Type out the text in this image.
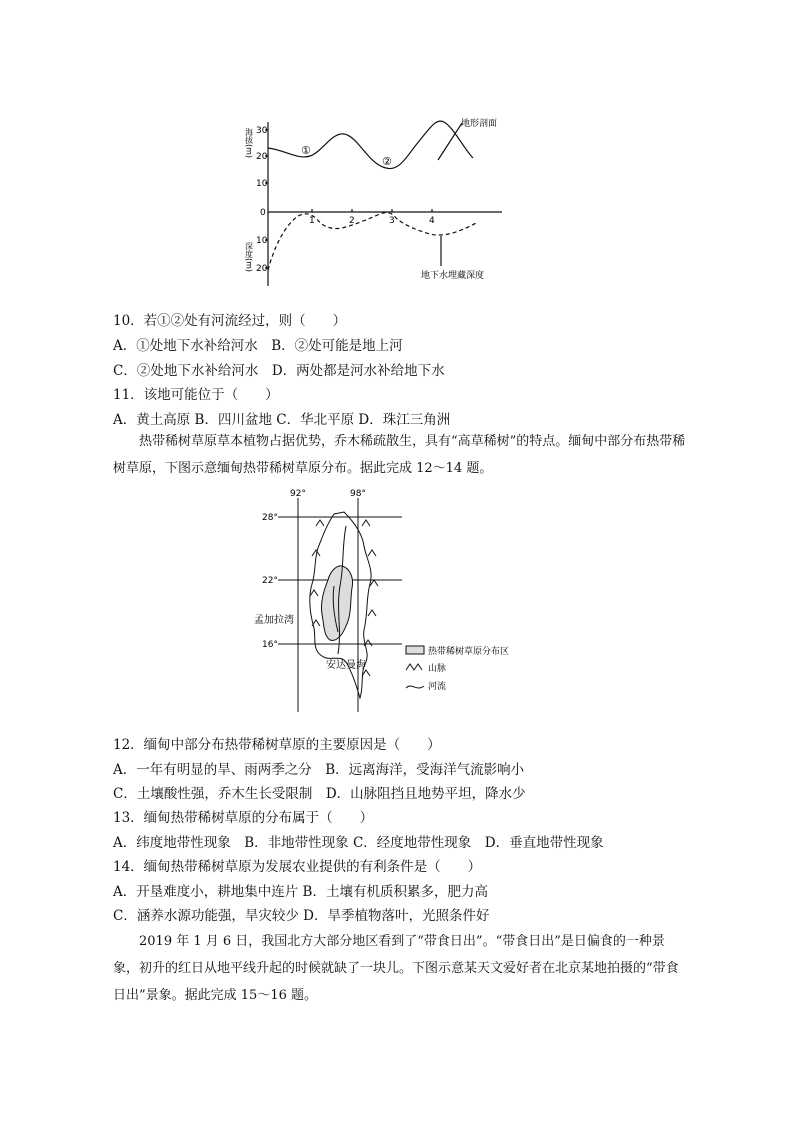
海拔(m)
深度(m)
30
20
10
0
10
20
1	2	3	4
①
②
地形剖面
地下水埋藏深度
10．若①②处有河流经过，则（　　）
A．①处地下水补给河水　B．②处可能是地上河
C．②处地下水补给河水　D．两处都是河水补给地下水
11．该地可能位于（　　）
A．黄土高原 B．四川盆地 C．华北平原 D．珠江三角洲
热带稀树草原草本植物占据优势，乔木稀疏散生，具有“高草稀树”的特点。缅甸中部分布热带稀树草原，下图示意缅甸热带稀树草原分布。据此完成 12～14 题。
92°	98°
28°
22°
16°
孟加拉湾
安达曼海
热带稀树草原分布区
山脉
河流
12．缅甸中部分布热带稀树草原的主要原因是（　　）
A．一年有明显的旱、雨两季之分　B．远离海洋，受海洋气流影响小
C．土壤酸性强，乔木生长受限制　D．山脉阻挡且地势平坦，降水少
13．缅甸热带稀树草原的分布属于（　　）
A．纬度地带性现象　B．非地带性现象 C．经度地带性现象　D．垂直地带性现象
14．缅甸热带稀树草原为发展农业提供的有利条件是（　　）
A．开垦难度小，耕地集中连片 B．土壤有机质积累多，肥力高
C．涵养水源功能强，旱灾较少 D．旱季植物落叶，光照条件好
2019 年 1 月 6 日，我国北方大部分地区看到了“带食日出”。“带食日出”是日偏食的一种景象，初升的红日从地平线升起的时候就缺了一块儿。下图示意某天文爱好者在北京某地拍摄的“带食日出”景象。据此完成 15～16 题。
